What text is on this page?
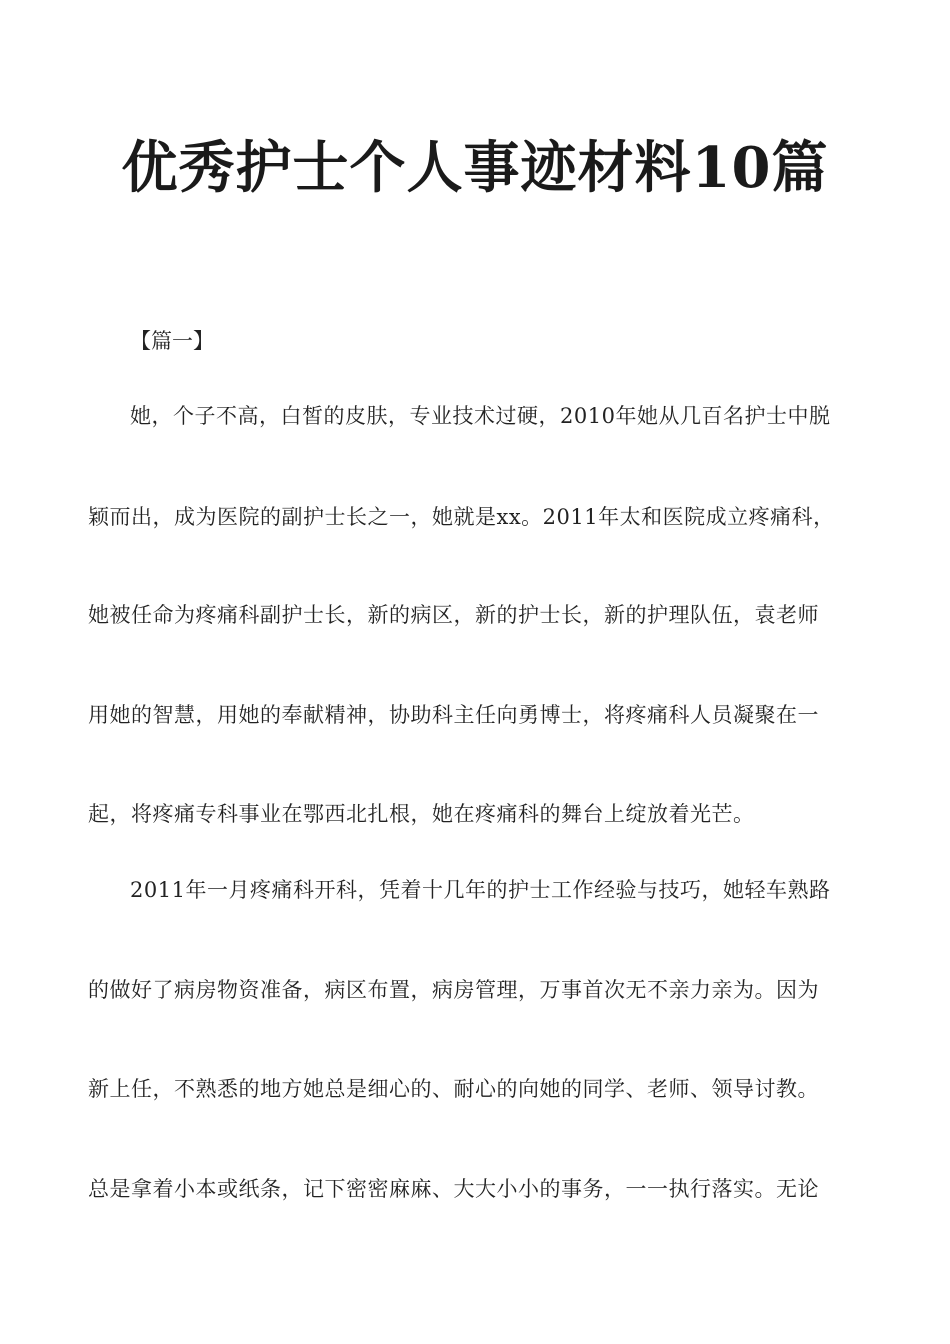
优秀护士个人事迹材料10篇
【篇一】
她，个子不高，白皙的皮肤，专业技术过硬，2010年她从几百名护士中脱
颖而出，成为医院的副护士长之一，她就是xx。2011年太和医院成立疼痛科，
她被任命为疼痛科副护士长，新的病区，新的护士长，新的护理队伍，袁老师
用她的智慧，用她的奉献精神，协助科主任向勇博士，将疼痛科人员凝聚在一
起，将疼痛专科事业在鄂西北扎根，她在疼痛科的舞台上绽放着光芒。
2011年一月疼痛科开科，凭着十几年的护士工作经验与技巧，她轻车熟路
的做好了病房物资准备，病区布置，病房管理，万事首次无不亲力亲为。因为
新上任，不熟悉的地方她总是细心的、耐心的向她的同学、老师、领导讨教。
总是拿着小本或纸条，记下密密麻麻、大大小小的事务，一一执行落实。无论
